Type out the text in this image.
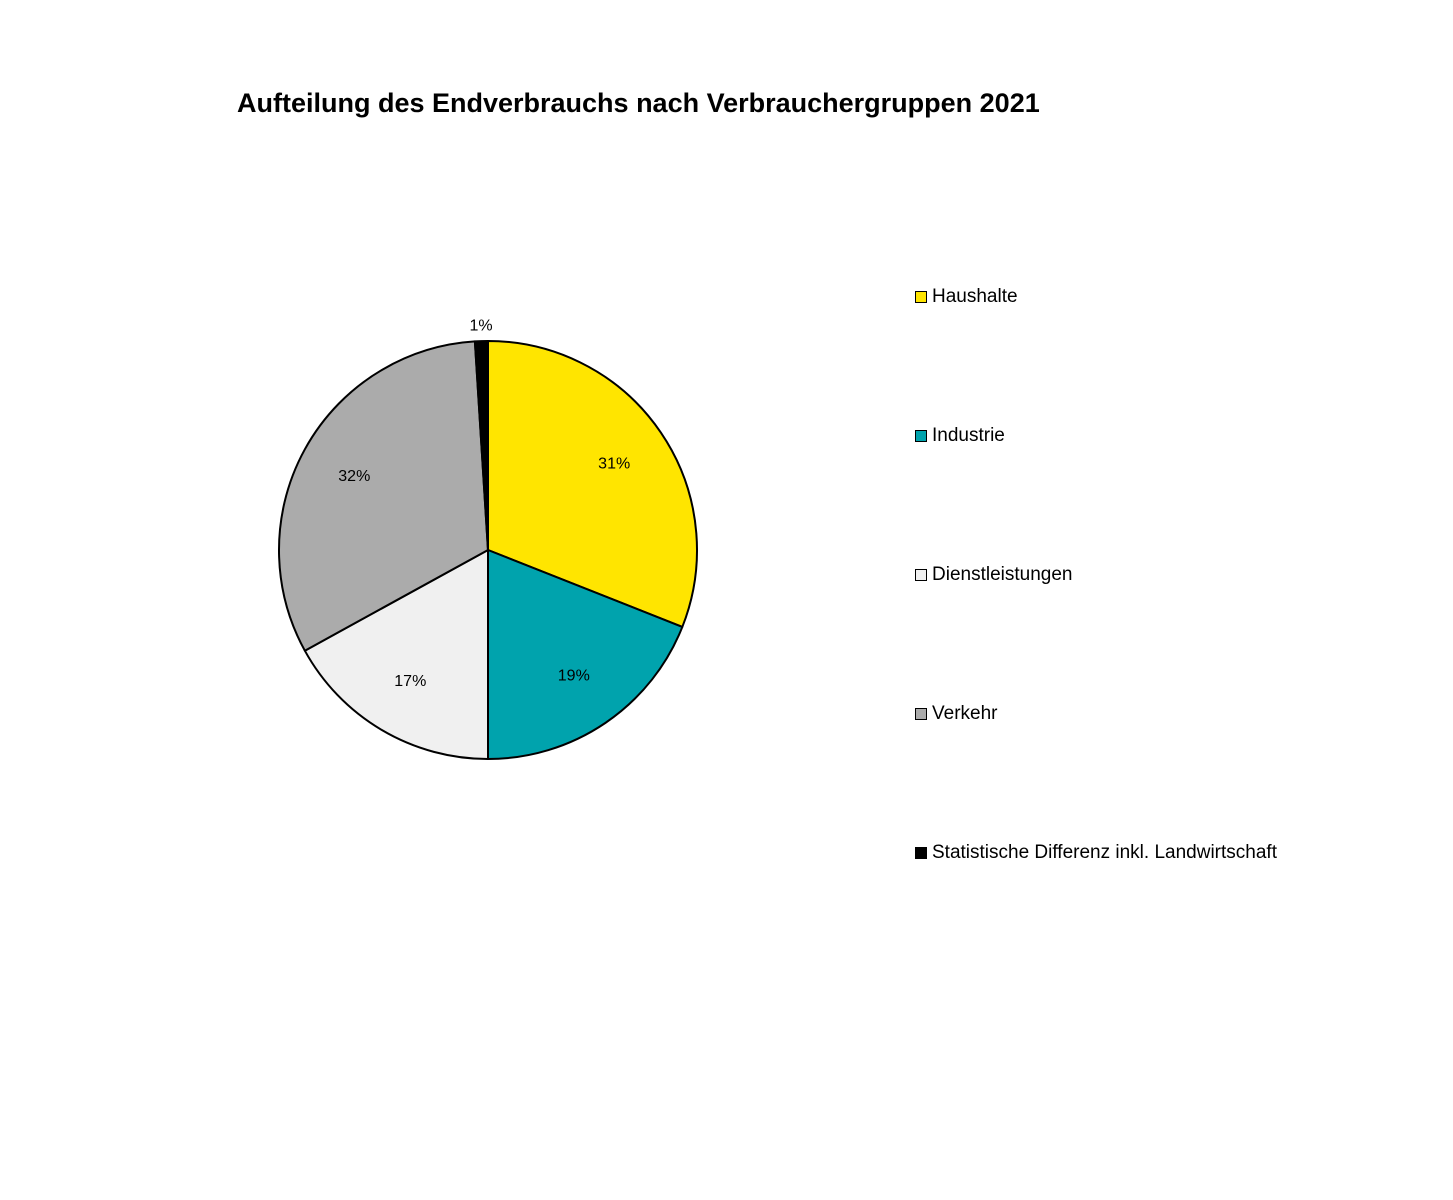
Aufteilung des Endverbrauchs nach Verbrauchergruppen 2021
31%
19%
17%
32%
1%
Haushalte
Industrie
Dienstleistungen
Verkehr
Statistische Differenz inkl. Landwirtschaft
